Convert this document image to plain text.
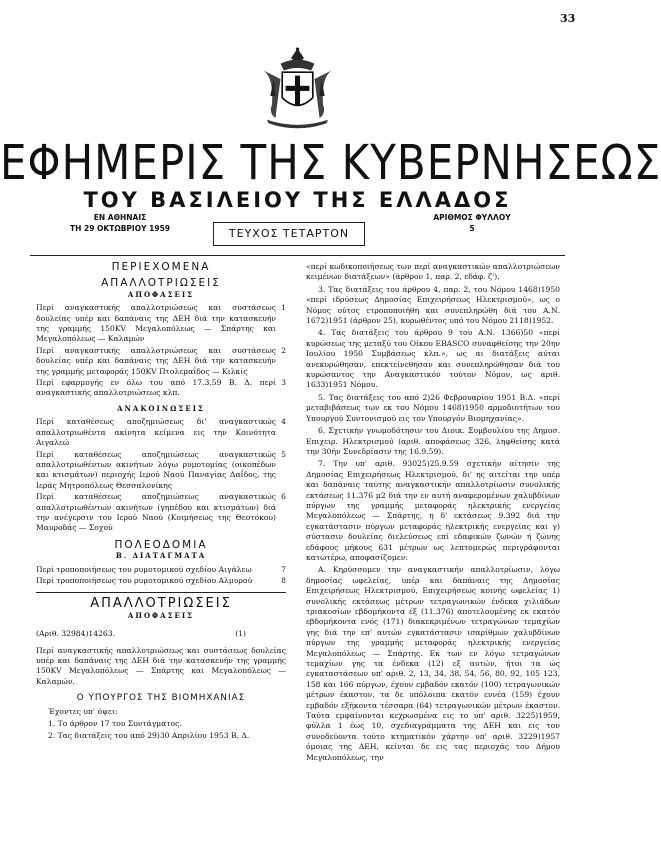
33
ΕΦΗΜΕΡΙΣ ΤΗΣ ΚΥΒΕΡΝΗΣΕΩΣ
ΤΟΥ ΒΑΣΙΛΕΙΟΥ ΤΗΣ ΕΛΛΑΔΟΣ
ΕΝ ΑΘΗΝΑΙΣ
ΤΗ 29 ΟΚΤΩΒΡΙΟΥ 1959	ΤΕΥΧΟΣ ΤΕΤΑΡΤΟΝ
ΑΡΙΘΜΟΣ ΦΥΛΛΟΥ
5
ΠΕΡΙΕΧΟΜΕΝΑ
ΑΠΑΛΛΟΤΡΙΩΣΕΙΣ
ΑΠΟΦΑΣΕΙΣ
Περί αναγκαστικής απαλλοτριώσεως και συστάσεως δουλείας υπέρ και δαπάναις της ΔΕΗ διά την κατασκευήν της γραμμής 150KV Μεγαλοπόλεως — Σπάρτης και Μεγαλοπόλεως — Καλαμών
1
Περί αναγκαστικής απαλλοτριώσεως και συστάσεως δουλείας υπέρ και δαπάναις της ΔΕΗ διά την κατασκευήν της γραμμής μεταφοράς 150KV Πτολεμαΐδος — Κιλκίς
2
Περί εφαρμογής εν όλω του από 17.3.59 Β. Δ. περί αναγκαστικής απαλλοτριώσεως κλπ.
3
ΑΝΑΚΟΙΝΩΣΕΙΣ
Περί καταθέσεως αποζημιώσεως δι' αναγκαστικώς απαλλοτριωθέντα ακίνητα κείμενα εις την Κοινότητα Αιγαλεώ
4
Περί καταθέσεως αποζημιώσεως αναγκαστικώς απαλλοτριωθέντων ακινήτων λόγω ρυμοτομίας (οικοπέδων και κτισμάτων) περιοχής Ιερού Ναού Παναγίας Δαΐδος, της Ιεράς Μητροπόλεως Θεσσαλονίκης
5
Περί καταθέσεως αποζημιώσεως αναγκαστικώς απαλλοτριωθέντων ακινήτων (γηπέδου και κτισμάτων) διά την ανέγερσιν του Ιερού Ναού (Κοιμήσεως της Θεοτόκου) Μαυροδάς — Σοχού
6
ΠΟΛΕΟΔΟΜΙΑ
Β. ΔΙΑΤΑΓΜΑΤΑ
Περί τροποποιήσεως του ρυμοτομικού σχεδίου Αιγάλεω	7
Περί τροποποιήσεως του ρυμοτομικού σχεδίου Αλμυρού	8
ΑΠΑΛΛΟΤΡΙΩΣΕΙΣ
ΑΠΟΦΑΣΕΙΣ
(Αριθ. 32984)14263.	(1)

Περί αναγκαστικής απαλλοτριώσεως και συστάσεως δουλείας υπέρ και δαπάναις της ΔΕΗ διά την κατασκευήν της γραμμής 150KV Μεγαλοπόλεως — Σπάρτης και Μεγαλοπόλεως — Καλαμών.

Ο ΥΠΟΥΡΓΟΣ ΤΗΣ ΒΙΟΜΗΧΑΝΙΑΣ

Έχοντες υπ' όψει:

1. Το άρθρον 17 του Συντάγματος.

2. Τας διατάξεις του από 29)30 Απριλίου 1953 Β. Δ.

«περί κωδικοποιήσεως των περί αναγκαστικών απαλλοτριώσεων κειμένων διατάξεων» (άρθρον 1, παρ. 2, εδάφ. ζ').

3. Τας διατάξεις του άρθρου 4, παρ. 2, του Νόμου 1468)1950 «περί ιδρύσεως Δημοσίας Επιχειρήσεως Ηλεκτρισμού», ως ο Νόμος ούτος ετροποποιήθη και συνεπληρώθη διά του Α.Ν. 1672)1951 (άρθρον 25), κυρωθέντος υπό του Νόμου 2118)1952.

4. Τας διατάξεις του άρθρου 9 του Α.Ν. 1366)50 «περί κυρώσεως της μεταξύ του Οίκου EBASCO συναφθείσης την 20ην Ιουλίου 1950 Συμβάσεως κλπ.», ως αι διατάξεις αύται ανεκυρώθησαν, επεκτείνεθησαν και συνεπληρώθησαν διά του κυρώσαντος την Αναγκαστικόν τούτον Νόμον, ως αριθ. 1633)1951 Νόμου.

5. Τας διατάξεις του από 2)26 Φεβρουαρίου 1951 Β.Δ. «περί μεταβιβάσεως των εκ του Νόμου 1468)1950 αρμοδιοτήτων του Υπουργού Συντονισμού εις τον Υπουργόν Βιομηχανίας».

6. Σχετικήν γνωμοδότησιν του Διοικ. Συμβουλίου της Δημοσ. Επιχειρ. Ηλεκτρισμού (αριθ. αποφάσεως 326, ληφθείσης κατά την 30ήν Συνεδρίασιν της 16.9.59).

7. Την υπ' αριθ. 93025)25.9.59 σχετικήν αίτησιν της Δημοσίας Επιχειρήσεως Ηλεκτρισμού, δι' ης αιτείται την υπέρ και δαπάναις ταύτης αναγκαστικήν απαλλοτρίωσιν συνολικής εκτάσεως 11.376 μ2 διά την εν αυτή αναφερομένων χαλυβδίνων πύργων της γραμμής μεταφοράς ηλεκτρικής ενεργείας Μεγαλοπόλεως — Σπάρτης, η δ' εκτάσεως 9.392 διά την εγκατάστασιν πύργων μεταφοράς ηλεκτρικής ενεργείας και γ) σύστασιν δουλείας διελεύσεως επί εδαφικών ζωνών ή ζώνης εδάφους μήκους 631 μέτρων ως λεπτομερώς περιγράφονται κατωτέρω, αποφασίζομεν:

Α. Κηρύσσομεν την αναγκαστικήν απαλλοτρίωσιν, λόγω δημοσίας ωφελείας, υπέρ και δαπάναις της Δημοσίας Επιχειρήσεως Ηλεκτρισμού, Επιχειρήσεως κοινής ωφελείας 1) συνολικής εκτάσεως μέτρων τετραγωνικών ένδεκα χιλιάδων τριακοσίων εβδομήκοντα έξ (11.376) αποτελουμένης εκ εκατόν εβδομήκοντα ενός (171) διακεκριμένων τετραγώνων τεμαχίων γης διά την επ' αυτών εγκατάστασιν ισαρίθμων χαλυβδίνων πύργων της γραμμής μεταφοράς ηλεκτρικής ενεργείας Μεγαλοπόλεως — Σπάρτης. Εκ των εν λόγω τετραγώνων τεμαχίων γης τα ένδεκα (12) εξ αυτών, ήτοι τα ώς εγκαταστάσεων υπ' αριθ. 2, 13, 34, 38, 54, 56, 80, 92, 105 123, 158 και 166 πύργων, έχουν εμβαδόν εκατόν (100) τετραγωνικών μέτρων έκαστον, τα δε υπόλοιπα εκατόν εννέα (159) έχουν εμβαδόν εξήκοντα τέσσαρα (64) τετραγωνικών μέτρων έκαστον. Ταύτα εμφαίνονται κεχρωσμένα εις το υπ' αριθ. 3225)1959, φύλλα 1 έως 10, σχεδιαγράμματα της ΔΕΗ και εις τον συνοδεύοντα τούτο κτηματικόν χάρτην υπ' αριθ. 3229)1957 όμοιας της ΔΕΗ, κείνται δε εις τας περιοχάς του Δήμου Μεγαλοπόλεως, την
